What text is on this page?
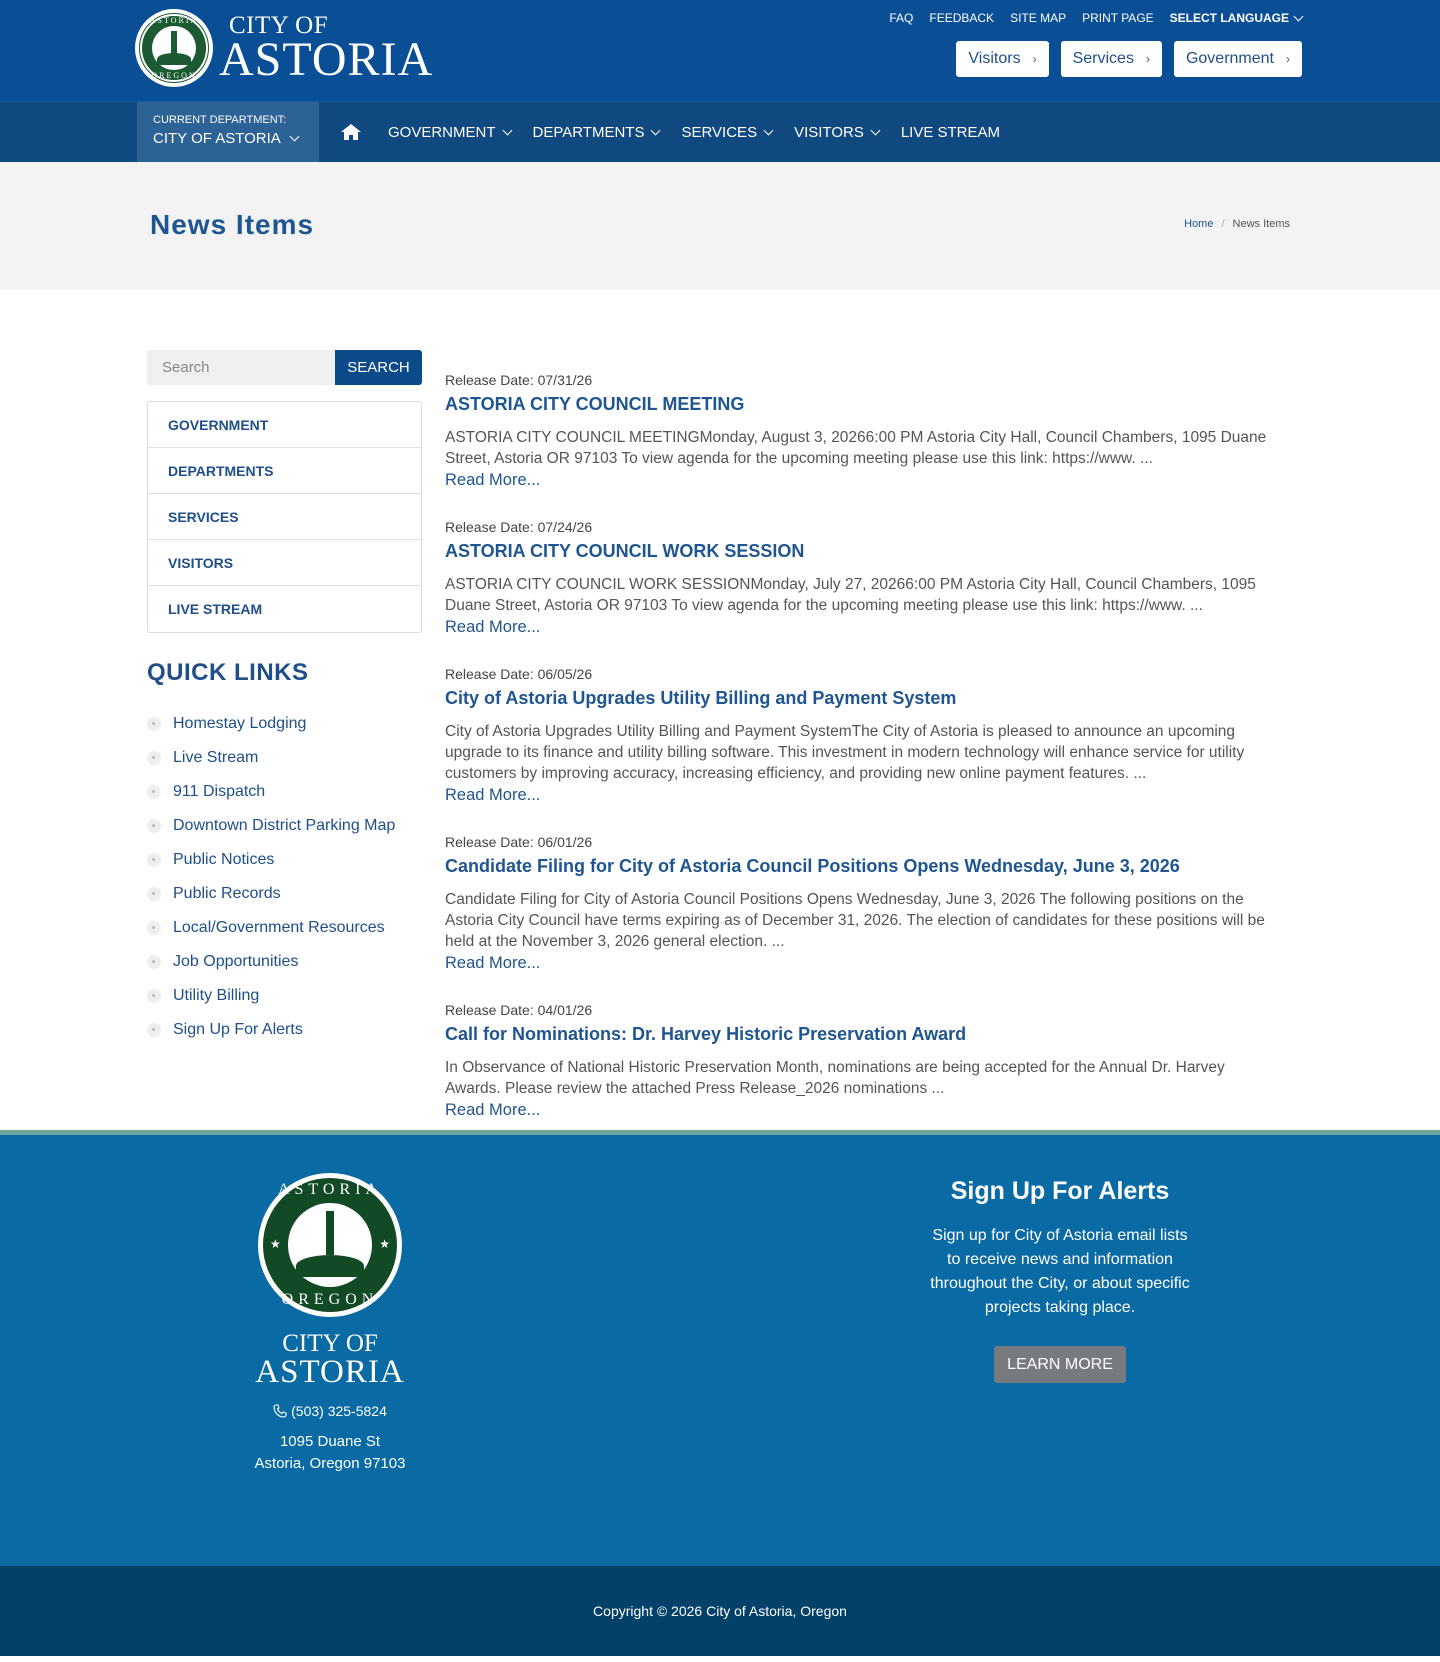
ASTORIA
OREGON
CITY OF
ASTORIA
FAQ FEEDBACK SITE MAP PRINT PAGE SELECT LANGUAGE
Visitors › Services › Government ›
CURRENT DEPARTMENT:
CITY OF ASTORIA	GOVERNMENT DEPARTMENTS SERVICES VISITORS LIVE STREAM
News Items	Home / News Items
Search
SEARCH
GOVERNMENT
DEPARTMENTS
SERVICES
VISITORS
LIVE STREAM
QUICK LINKS
Homestay Lodging
Live Stream
911 Dispatch
Downtown District Parking Map
Public Notices
Public Records
Local/Government Resources
Job Opportunities
Utility Billing
Sign Up For Alerts
Release Date: 07/31/26
ASTORIA CITY COUNCIL MEETING

ASTORIA CITY COUNCIL MEETINGMonday, August 3, 20266:00 PM Astoria City Hall, Council Chambers, 1095 Duane Street, Astoria OR 97103 To view agenda for the upcoming meeting please use this link: https://www. ...

Read More...
Release Date: 07/24/26
ASTORIA CITY COUNCIL WORK SESSION

ASTORIA CITY COUNCIL WORK SESSIONMonday, July 27, 20266:00 PM Astoria City Hall, Council Chambers, 1095 Duane Street, Astoria OR 97103 To view agenda for the upcoming meeting please use this link: https://www. ...

Read More...
Release Date: 06/05/26
City of Astoria Upgrades Utility Billing and Payment System

City of Astoria Upgrades Utility Billing and Payment SystemThe City of Astoria is pleased to announce an upcoming upgrade to its finance and utility billing software. This investment in modern technology will enhance service for utility customers by improving accuracy, increasing efficiency, and providing new online payment features. ...

Read More...
Release Date: 06/01/26
Candidate Filing for City of Astoria Council Positions Opens Wednesday, June 3, 2026

Candidate Filing for City of Astoria Council Positions Opens Wednesday, June 3, 2026 The following positions on the Astoria City Council have terms expiring as of December 31, 2026. The election of candidates for these positions will be held at the November 3, 2026 general election. ...

Read More...
Release Date: 04/01/26
Call for Nominations: Dr. Harvey Historic Preservation Award

In Observance of National Historic Preservation Month, nominations are being accepted for the Annual Dr. Harvey Awards. Please review the attached Press Release_2026 nominations ...

Read More...
★	★
ASTORIA
OREGON
CITY OF
ASTORIA
(503) 325-5824
1095 Duane St
Astoria, Oregon 97103
Sign Up For Alerts

Sign up for City of Astoria email lists to receive news and information throughout the City, or about specific projects taking place.

LEARN MORE
Copyright © 2026 City of Astoria, Oregon
